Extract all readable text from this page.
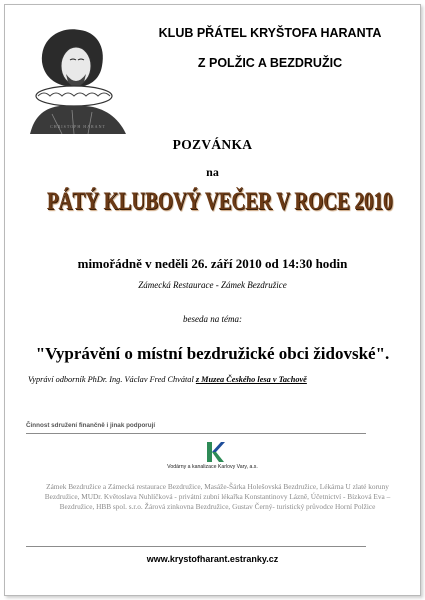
CHRISTOPH HARANT
KLUB PŘÁTEL KRYŠTOFA HARANTA
Z POLŽIC A BEZDRUŽIC
POZVÁNKA
na
PÁTÝ KLUBOVÝ VEČER V ROCE 2010
mimořádně v neděli 26. září 2010 od 14:30 hodin
Zámecká Restaurace - Zámek Bezdružice
beseda na téma:
"Vyprávění o místní bezdružické obci židovské".
Vypráví odborník PhDr. Ing. Václav Fred Chvátal z Muzea Českého lesa v Tachově
Činnost sdružení finančně i jinak podporují
Vodárny a kanalizace Karlovy Vary, a.s.
Zámek Bezdružice a Zámecká restaurace Bezdružice, Masáže-Šárka Holešovská Bezdružice, Lékárna U zlaté koruny Bezdružice, MUDr. Květoslava Nuhlíčková - privátní zubní lékařka Konstantinovy Lázně, Účetnictví - Bízková Eva – Bezdružice, HBB spol. s.r.o. Žárová zinkovna Bezdružice, Gustav Černý- turistický průvodce Horní Polžice
www.krystofharant.estranky.cz
